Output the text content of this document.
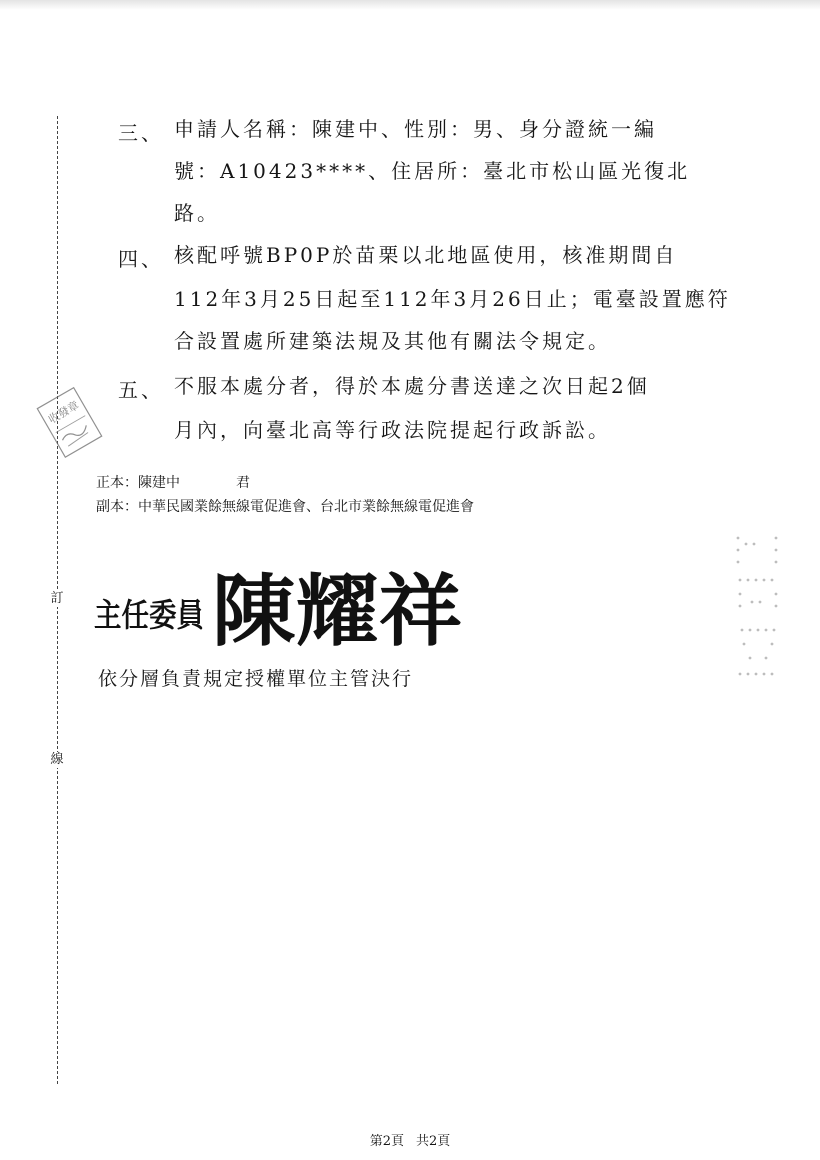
訂
線
收發章
三、 申請人名稱：陳建中、性別：男、身分證統一編
號：A10423****、住居所：臺北市松山區光復北
路。
四、 核配呼號BP0P於苗栗以北地區使用，核准期間自
112年3月25日起至112年3月26日止；電臺設置應符
合設置處所建築法規及其他有關法令規定。
五、 不服本處分者，得於本處分書送達之次日起2個
月內，向臺北高等行政法院提起行政訴訟。
正本：陳建中	君
副本：中華民國業餘無線電促進會、台北市業餘無線電促進會
主任委員 陳耀祥
依分層負責規定授權單位主管決行
第2頁 共2頁
